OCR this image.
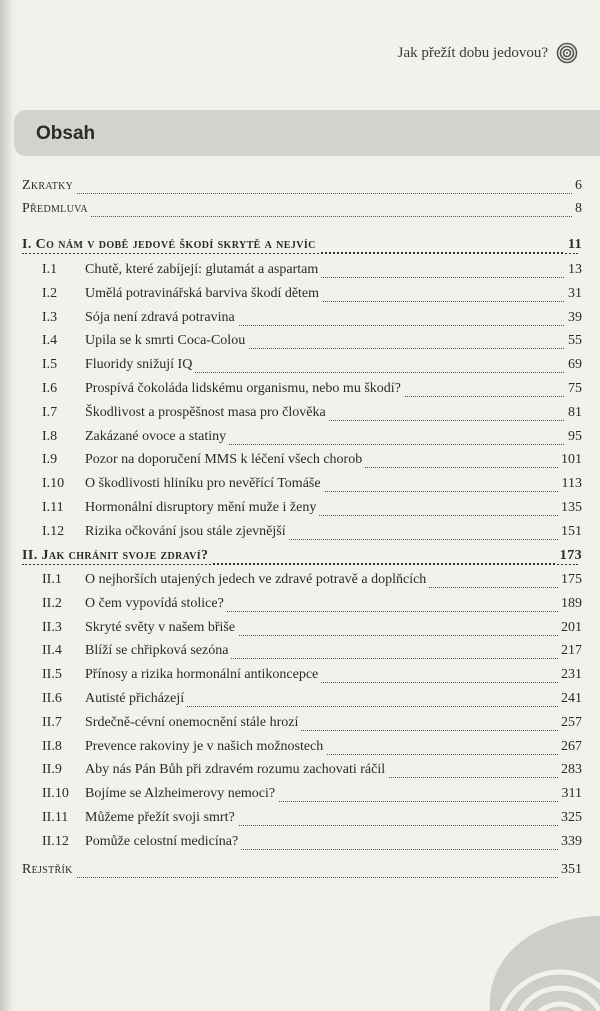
Jak přežít dobu jedovou?
Obsah
Zkratky	6
Předmluva	8
I. Co nám v době jedové škodí skrytě a nejvíc	11
I.1 Chutě, které zabíjejí: glutamát a aspartam	13
I.2 Umělá potravinářská barviva škodí dětem	31
I.3 Sója není zdravá potravina	39
I.4 Upila se k smrti Coca-Colou	55
I.5 Fluoridy snižují IQ	69
I.6 Prospívá čokoláda lidskému organismu, nebo mu škodí?	75
I.7 Škodlivost a prospěšnost masa pro člověka	81
I.8 Zakázané ovoce a statiny	95
I.9 Pozor na doporučení MMS k léčení všech chorob	101
I.10 O škodlivosti hliníku pro nevěřící Tomáše	113
I.11 Hormonální disruptory mění muže i ženy	135
I.12 Rizika očkování jsou stále zjevnější	151
II. Jak chránit svoje zdraví?	173
II.1 O nejhorších utajených jedech ve zdravé potravě a doplňcích	175
II.2 O čem vypovídá stolice?	189
II.3 Skryté světy v našem břiše	201
II.4 Blíží se chřipková sezóna	217
II.5 Přínosy a rizika hormonální antikoncepce	231
II.6 Autisté přicházejí	241
II.7 Srdečně-cévní onemocnění stále hrozí	257
II.8 Prevence rakoviny je v našich možnostech	267
II.9 Aby nás Pán Bůh při zdravém rozumu zachovati ráčil	283
II.10 Bojíme se Alzheimerovy nemoci?	311
II.11 Můžeme přežít svoji smrt?	325
II.12 Pomůže celostní medicína?	339
Rejstřík	351
